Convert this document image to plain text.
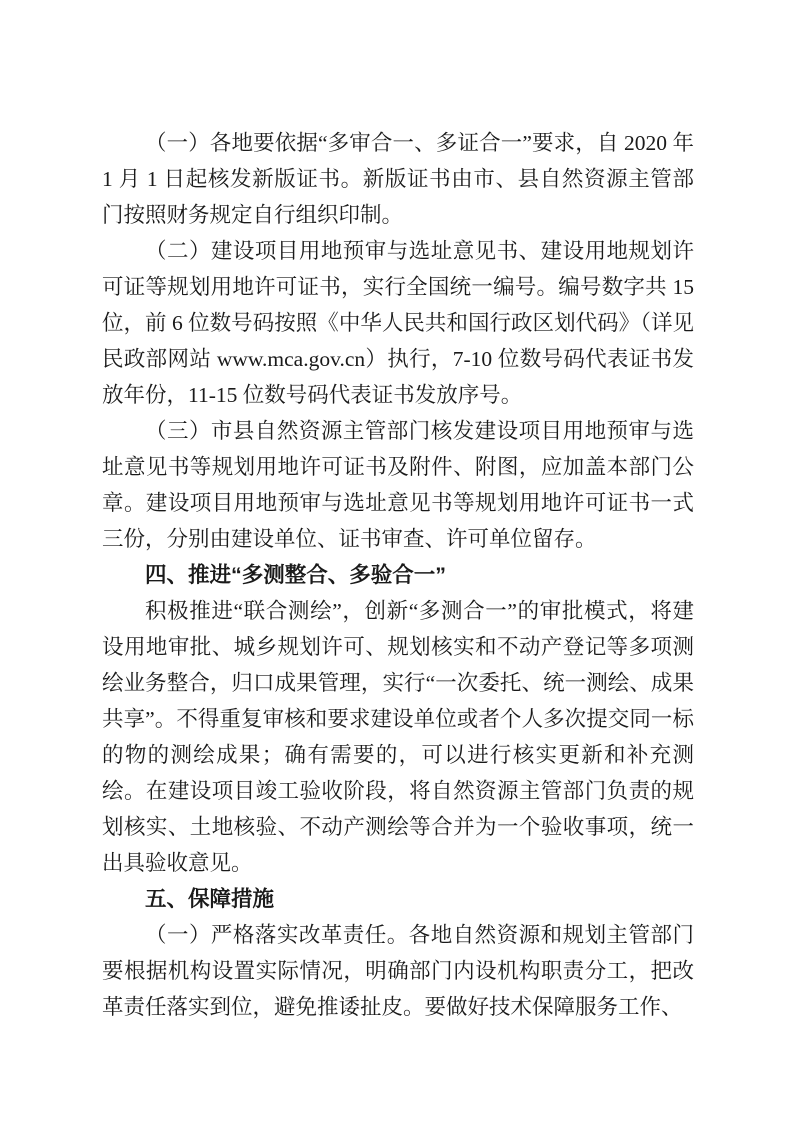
（一）各地要依据“多审合一、多证合一”要求，自 2020 年 1 月 1 日起核发新版证书。新版证书由市、县自然资源主管部门按照财务规定自行组织印制。

（二）建设项目用地预审与选址意见书、建设用地规划许可证等规划用地许可证书，实行全国统一编号。编号数字共 15 位，前 6 位数号码按照《中华人民共和国行政区划代码》（详见民政部网站 www.mca.gov.cn）执行，7-10 位数号码代表证书发放年份，11-15 位数号码代表证书发放序号。

（三）市县自然资源主管部门核发建设项目用地预审与选址意见书等规划用地许可证书及附件、附图，应加盖本部门公章。建设项目用地预审与选址意见书等规划用地许可证书一式三份，分别由建设单位、证书审查、许可单位留存。

四、推进“多测整合、多验合一”

积极推进“联合测绘”，创新“多测合一”的审批模式，将建设用地审批、城乡规划许可、规划核实和不动产登记等多项测绘业务整合，归口成果管理，实行“一次委托、统一测绘、成果共享”。不得重复审核和要求建设单位或者个人多次提交同一标的物的测绘成果；确有需要的，可以进行核实更新和补充测绘。在建设项目竣工验收阶段，将自然资源主管部门负责的规划核实、土地核验、不动产测绘等合并为一个验收事项，统一出具验收意见。

五、保障措施

（一）严格落实改革责任。各地自然资源和规划主管部门要根据机构设置实际情况，明确部门内设机构职责分工，把改革责任落实到位，避免推诿扯皮。要做好技术保障服务工作、
